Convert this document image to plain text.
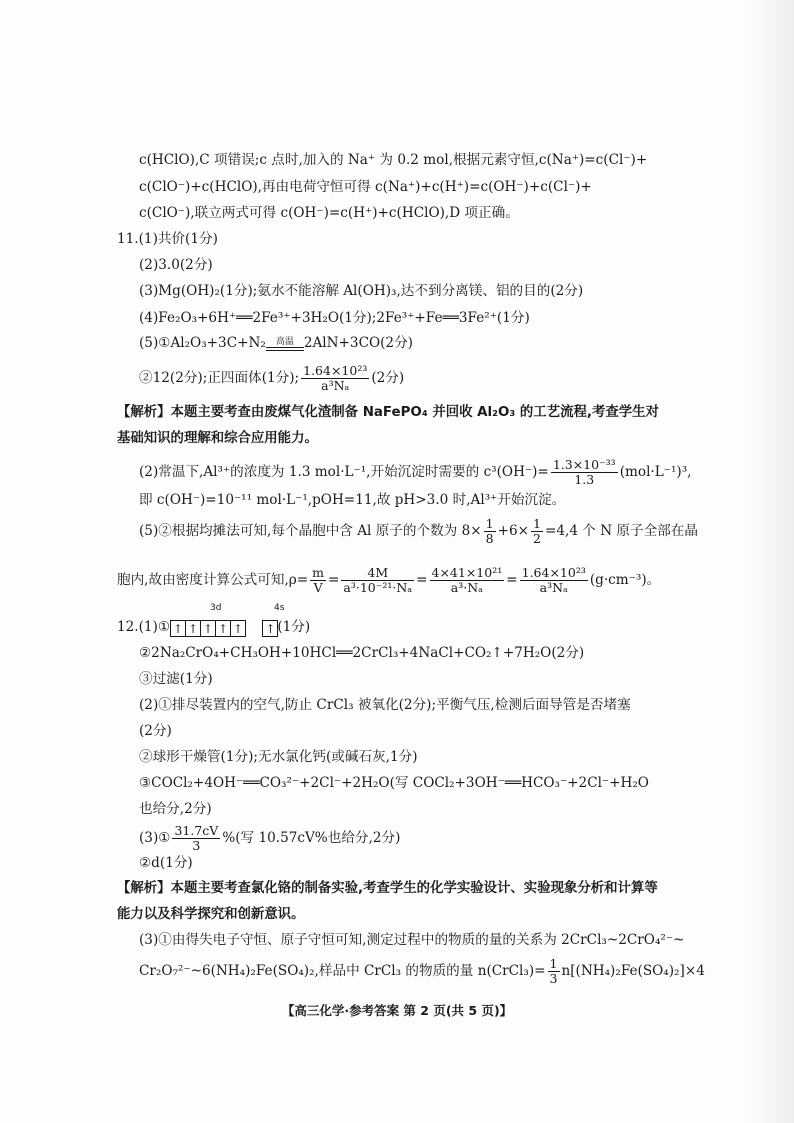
c(HClO),C 项错误;c 点时,加入的 Na⁺ 为 0.2 mol,根据元素守恒,c(Na⁺)=c(Cl⁻)+
c(ClO⁻)+c(HClO),再由电荷守恒可得 c(Na⁺)+c(H⁺)=c(OH⁻)+c(Cl⁻)+
c(ClO⁻),联立两式可得 c(OH⁻)=c(H⁺)+c(HClO),D 项正确。
11.(1)共价(1分)
(2)3.0(2分)
(3)Mg(OH)₂(1分);氨水不能溶解 Al(OH)₃,达不到分离镁、铝的目的(2分)
(4)Fe₂O₃+6H⁺══2Fe³⁺+3H₂O(1分);2Fe³⁺+Fe══3Fe²⁺(1分)
(5)①Al₂O₃+3C+N₂	高温 2AlN+3CO(2分)
②12(2分);正四面体(1分); $\frac{\text{1.64×10²³}}{\text{a³Nₐ}} (2$分)
【解析】本题主要考查由废煤气化渣制备 NaFePO₄ 并回收 Al₂O₃ 的工艺流程,考查学生对
基础知识的理解和综合应用能力。
(2)常温下,Al³⁺的浓度为 1.3 mol·L⁻¹,开始沉淀时需要的 $c^3(OH^-)= \frac{\text{1.3×10⁻³³}}{1.3} (mol\cdot L^{-1})^3$,
即 c(OH⁻)=10⁻¹¹ mol·L⁻¹,pOH=11,故 pH>3.0 时,Al³⁺开始沉淀。
(5)②根据均摊法可知,每个晶胞中含 Al 原子的个数为 $8\times \frac{1}{8} +6\times \frac{1}{2} =4,4$ 个 N 原子全部在晶
胞内,故由密度计算公式可知$,\rho= \frac{m}{V} = \frac{4M}{\text{a³·10⁻²¹·Nₐ}} = \frac{\text{4×41×10²¹}}{\text{a³·Nₐ}} = \frac{\text{1.64×10²³}}{\text{a³Nₐ}} (g\cdot cm^{-3})$。
3d	4s
12.(1)① ↑ ↑ ↑ ↑ ↑ ↑ (1分)
②2Na₂CrO₄+CH₃OH+10HCl══2CrCl₃+4NaCl+CO₂↑+7H₂O(2分)
③过滤(1分)
(2)①排尽装置内的空气,防止 CrCl₃ 被氧化(2分);平衡气压,检测后面导管是否堵塞
(2分)
②球形干燥管(1分);无水氯化钙(或碱石灰,1分)
③COCl₂+4OH⁻══CO₃²⁻+2Cl⁻+2H₂O(写 COCl₂+3OH⁻══HCO₃⁻+2Cl⁻+H₂O
也给分,2分)
(3)① $\frac{31.7cV}{3}$ %(写 10.57cV%也给分,2分)
②d(1分)
【解析】本题主要考查氯化铬的制备实验,考查学生的化学实验设计、实验现象分析和计算等
能力以及科学探究和创新意识。
(3)①由得失电子守恒、原子守恒可知,测定过程中的物质的量的关系为 2CrCl₃~2CrO₄²⁻~
Cr₂O₇²⁻~6(NH₄)₂Fe(SO₄)₂,样品中 CrCl₃ 的物质的量 n(CrCl₃)= $\frac{1}{3} n[(NH_4)_2Fe(SO_4)_2]\times 4$
【高三化学·参考答案 第 2 页(共 5 页)】
